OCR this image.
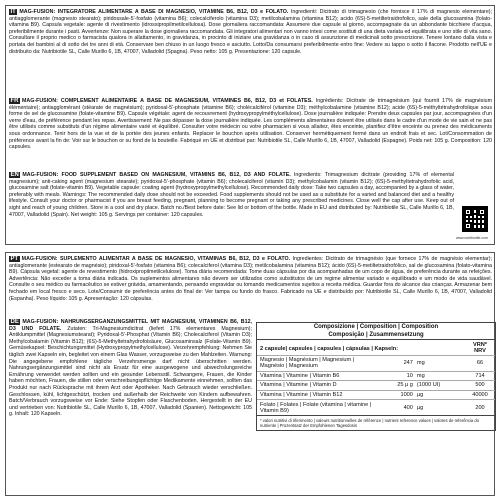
IT MAG-FUSION: INTEGRATORE ALIMENTARE A BASE DI MAGNESIO, VITAMINE B6, B12, D3 e FOLATO. Ingredienti: Dicitrato di trimagnesio (che fornisce il 17% di magnesio elementare); antiagglomerante (magnesio stearato); piridossale-5'-fosfato (vitamina B6); colecalciferolo (vitamina D3); metilcobalamina (vitamina B12); acido (6S)-5-metiltetraidrofolico, sale della glucosamina (folato-vitamina B9). Capsula vegetale: agente di rivestimento (idrossipropilmetilcellulosa). Dose giornaliera raccomandata: Assumere due capsule al giorno, accompagnate da un abbondante bicchiere d'acqua, preferibilmente durante i pasti. Avvertenze: Non superare la dose giornaliera raccomandata. Gli integratori alimentari non vanno intesi come sostituti di una dieta variata ed equilibrata e uno stile di vita sano. Consultare il proprio medico o farmacista qualora in allattamento, in gravidanza, in procinto di iniziare una gravidanza o in caso di assunzione di medicinali sotto prescrizione. Tenere lontano dalla vista e portata dei bambini al di sotto dei tre anni di età. Conservare ben chiuso in un luogo fresco e asciutto. Lotto/Da consumarsi preferibilmente entro fine: Vedere su tappo o sotto il flacone. Prodotto nell'UE e distribuito da: Nutribiotile SL, Calle Murillo 6, 1B, 47007, Valladolid (Spagna). Peso netto: 105 g. Presentazione: 120 capsule.
FR MAG-FUSION: COMPLÉMENT ALIMENTAIRE À BASE DE MAGNÉSIUM, VITAMINES B6, B12, D3 et FOLATES. Ingrédients: Dicitrate de trimagnésium (qui fournit 17% de magnésium élémentaire); antiagglomérant (stéarate de magnésium); pyridoxal-5'-phosphate (vitamine B6); cholécalciférol (vitamine D3); méthylcobalamine (vitamine B12); acide (6S)-5-méthyltétrahydrofolique sous forme de sel de glucosamine (folate-vitamine B9). Capsule végétale: agent de recouvrement (hydroxypropylméthylcellulose). Dose journalière indiquée: Prendre deux capsules par jour, accompagnées d'un verre d'eau, de préférence pendant les repas. Avertissement: Ne pas dépasser la dose journalière indiquée. Les compléments alimentaires doivent être utilisés dans le cadre d'un mode de vie sain et ne pas être utilisés comme substituts d'un régime alimentaire varié et équilibré. Consulter votre médecin ou votre pharmacien si vous allaitez, êtes enceinte, planifiez d'être enceinte ou prenez des médicaments sous ordonnance. Tenir hors de la vue et de la portée des jeunes enfants. Replacer le bouchon après utilisation. Conserver hermétiquement fermé dans un endroit frais et sec. Lot/Consommation de préférence avant la fin de: Voir sur le bouchon or su fond de la bouteille. Fabriqué en UE et distribué par: Nutribiotile SL, Calle Murillo 6, 1B, 47007, Valladolid (Espagne). Poids net: 105 g. Composition: 120 capsules.
EN MAG-FUSION: FOOD SUPPLEMENT BASED ON MAGNESIUM, VITAMINS B6, B12, D3 AND FOLATE. Ingredients: Trimagnesium dicitrate (providing 17% of elemental magnesium); anti-caking agent (magnesium stearate); pyridoxal-5'-phosphate (vitamin B6); cholecalciferol (vitamin D3); methylcobalamin (vitamin B12); (6S)-5-methyltetrahydrofolic acid, glucosamine salt (folate-vitamin B9). Vegetable capsule: coating agent (hydroxypropylmethylcellulose). Recommended daily dose: Take two capsules a day, accompanied by a glass of water, preferably with meals. Warnings: The recommended daily dose should not be exceeded. Food supplements should not be used as a substitute for a varied and balanced diet and a healthy lifestyle. Consult your doctor or pharmacist if you are breast feeding, pregnant, planning to become pregnant or taking any prescribed medicines. Close well the cap after use. Keep out of sight and reach of young children. Store in a cool and dry place. Batch no./Best before date: See lid or bottom of the bottle. Made in EU and distributed by: Nutribiotile SL, Calle Murillo 6, 1B, 47007, Valladolid (Spain). Net weight: 105 g. Servings per container: 120 capsules.
www.nutribiotile.com
PT MAG-FUSION: SUPLEMENTO ALIMENTAR A BASE DE MAGNÉSIO, VITAMINAS B6, B12, D3 e FOLATO. Ingredientes: Dicitrato de trimagnésio (que fornece 17% de magnésio elementar); antiaglomerante (estearato de magnésio); piridoxal-5'-fosfato (vitamina B6); colecalciferol (vitamina D3); metilcobalamina (vitamina B12); ácido (6S)-5-metiltetraidrofólico, sal de glucosamina (folato-vitamina B9). Cápsula vegetal: agente de revestimento (hidroxipropilmetilcelulose). Toma diária recomendada: Tome duas cápsulas por dia acompanhadas de um copo de água, de preferência durante as refeições. Advertência: Não exceder a toma diária indicada. Os suplementos alimentares não devem ser utilizados como substitutos de um regime alimentar variado e equilibrado e um modo de vida saudável. Consulte o seu médico ou farmacêutico se estiver grávida, amamentando, pensando engravidar ou tomando medicamentos sujeitos a receita médica. Guardar fora do alcance das crianças. Armazenar bem fechado em local fresco e seco. Lote/Consumir de preferência antes do final de: Ver tampa ou fundo do frasco. Fabricado na UE e distribuído por: Nutribiotile SL, Calle Murillo 6, 1B, 47007, Valladolid (Espanha). Peso líquido: 105 g. Apresentação: 120 cápsulas.
DE MAG-FUSION: NAHRUNGSERGÄNZUNGSMITTEL MIT MAGNESIUM, VITAMINEN B6, B12, D3 UND FOLATE. Zutaten: Tri-Magnesiumdicitrat (liefert 17% elementares Magnesium); Antiklumpmittel (Magnesiumstearat); Pyridoxal-5'-Phosphat (Vitamin B6); Cholecalciferol (Vitamin D3); Methylcobalamin (Vitamin B12); (6S)-5-Methyltetrahydrofolsäure, Glucosaminsalz (Folate-Vitamin B9). Gemüsekapsel: Beschichtungsmittel (Hydroxypropylmethylcellulose). Verzehrempfehlung: Nehmen Sie täglich zwei Kapseln ein, begleitet von einem Glas Wasser, vorzugsweise zu den Mahlzeiten. Warnung: Die angegebene empfohlene tägliche Verzehrsmenge darf nicht überschritten werden. Nahrungsergänzungsmittel sind nicht als Ersatz für eine ausgewogene und abwechslungsreiche Ernährung verwendet werden sollten und ein gesunder Lebensstil. Schwangere, Frauen, die Kinder haben möchten, Frauen, die stillen oder verschreibungspflichtige Medikamente einnehmen, sollten das Produkt nur nach Rücksprache mit ihrem Arzt oder Apotheker. Nach Gebrauch wieder verschließen. Geschlossen, kühl, lichtgeschützt, trocken und außerhalb der Reichweite von Kindern aufbewahren. Batch/Verbrauch vorzugsweise vor Ende: Siehe Stopfen oder Flaschenboden. Hergestellt in der EU und vertrieben von: Nutribiotile SL, Calle Murillo 6, 1B, 47007, Valladolid (Spanien). Nettogewicht: 105 g. Inhalt: 120 Kapseln.
Composizione | Composition | Composition
Composição | Zusammensetzung
2 capsule| capsules | capsules | cápsulas | Kapseln:			VRN* NRV
Magnesio | Magnésium | Magnesium | Magnésio | Magnesium	247	mg	66
Vitamina | Vitamine | Vitamin B6	10	mg	714
Vitamina | Vitamine | Vitamin D	25 µ g	(1000 UI)	500
Vitamina | Vitamine | Vitamin B12	1000	µg	40000
Folato | Folates | Folate (vitamina | vitamine | Vitamin B9)	400	µg	200
* valori nutritivi di riferimento | valeurs nutritionnelles de référence | nutrient reference values | valores de referência do nutriente | Prozentsatz der Empfohlenen Tagesdosis
